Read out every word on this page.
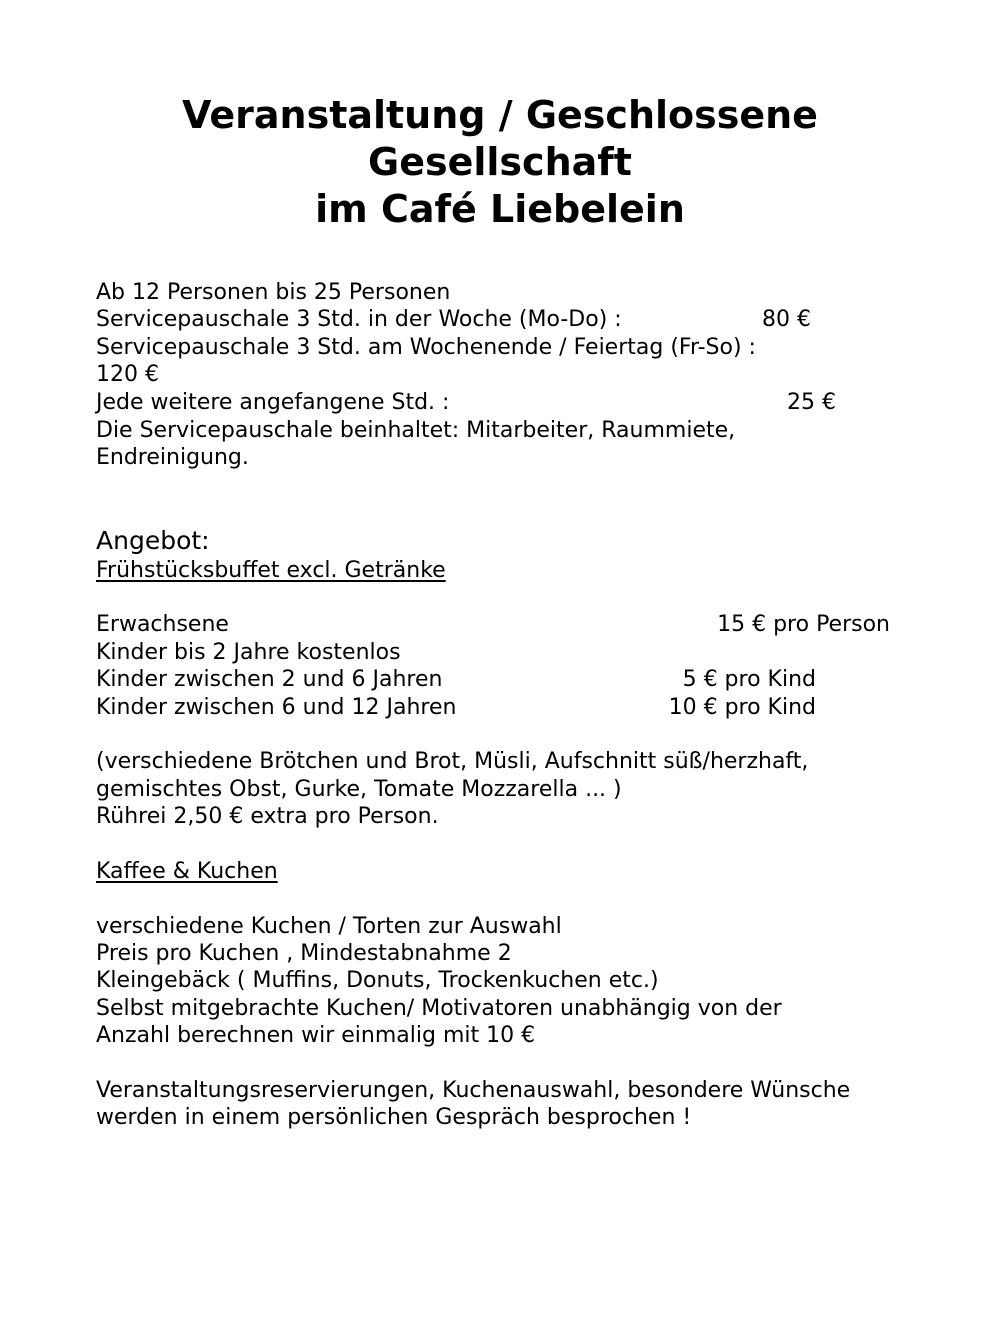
Veranstaltung / Geschlossene
Gesellschaft
im Café Liebelein
Ab 12 Personen bis 25 Personen
Servicepauschale 3 Std. in der Woche (Mo-Do) :	80 €
Servicepauschale 3 Std. am Wochenende / Feiertag (Fr-So) :
120 €
Jede weitere angefangene Std. :	25 €
Die Servicepauschale beinhaltet: Mitarbeiter, Raummiete,
Endreinigung.
Angebot:
Frühstücksbuffet excl. Getränke
Erwachsene	15 € pro Person
Kinder bis 2 Jahre kostenlos
Kinder zwischen 2 und 6 Jahren	5 € pro Kind
Kinder zwischen 6 und 12 Jahren	10 € pro Kind
(verschiedene Brötchen und Brot, Müsli, Aufschnitt süß/herzhaft,
gemischtes Obst, Gurke, Tomate Mozzarella ... )
Rührei 2,50 € extra pro Person.
Kaffee & Kuchen
verschiedene Kuchen / Torten zur Auswahl
Preis pro Kuchen , Mindestabnahme 2
Kleingebäck ( Muffins, Donuts, Trockenkuchen etc.)
Selbst mitgebrachte Kuchen/ Motivatoren unabhängig von der
Anzahl berechnen wir einmalig mit 10 €
Veranstaltungsreservierungen, Kuchenauswahl, besondere Wünsche
werden in einem persönlichen Gespräch besprochen !
